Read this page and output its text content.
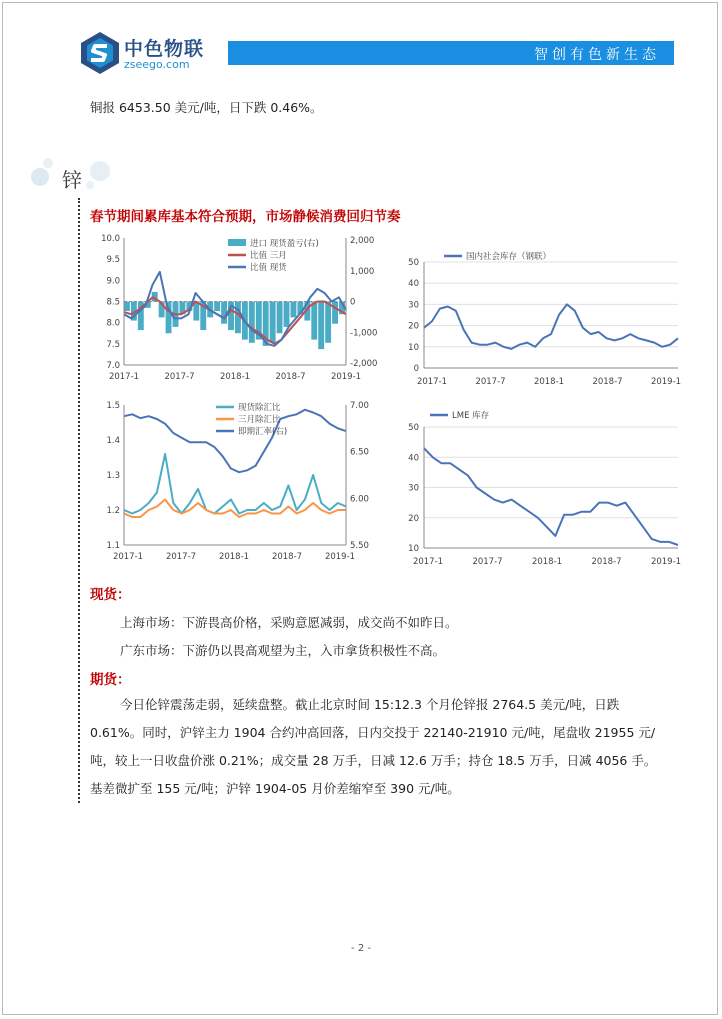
中色物联
zseego.com
智创有色新生态
铜报 6453.50 美元/吨，日下跌 0.46%。
锌
春节期间累库基本符合预期，市场静候消费回归节奏
10.0
9.5
9.0
8.5
8.0
7.5
7.0
2,000
1,000
0
-1,000
-2,000
2017-1	2017-7	2018-1	2018-7	2019-1
进口 现货盈亏(右)
比值 三月
比值 现货	50
40
30
20
10
0
2017-1	2017-7	2018-1	2018-7	2019-1
国内社会库存（钢联）
1.5
1.4
1.3
1.2
1.1
7.00
6.50
6.00
5.50
2017-1	2017-7	2018-1	2018-7	2019-1
现货除汇比
三月除汇比
即期汇率(右)	50
40
30
20
10
2017-1	2017-7	2018-1	2018-7	2019-1
LME 库存
现货：
上海市场：下游畏高价格，采购意愿减弱，成交尚不如昨日。
广东市场：下游仍以畏高观望为主，入市拿货积极性不高。
期货：
今日伦锌震荡走弱，延续盘整。截止北京时间 15:12.3 个月伦锌报 2764.5 美元/吨，日跌
0.61%。同时，沪锌主力 1904 合约冲高回落，日内交投于 22140-21910 元/吨，尾盘收 21955 元/
吨，较上一日收盘价涨 0.21%；成交量 28 万手，日减 12.6 万手；持仓 18.5 万手，日减 4056 手。
基差微扩至 155 元/吨；沪锌 1904-05 月价差缩窄至 390 元/吨。
- 2 -
